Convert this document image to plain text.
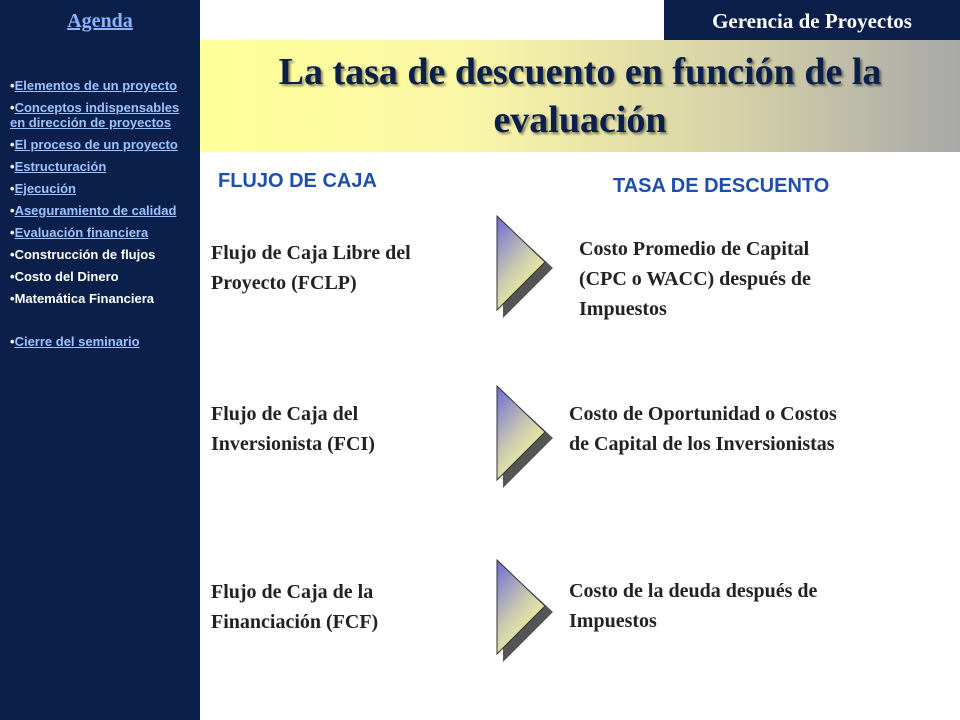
Agenda
•Elementos de un proyecto
•Conceptos indispensables en dirección de proyectos
•El proceso de un proyecto
•Estructuración
•Ejecución
•Aseguramiento de calidad
•Evaluación financiera
•Construcción de flujos
•Costo del Dinero
•Matemática Financiera
•Cierre del seminario
Gerencia de Proyectos
La tasa de descuento en función de la
evaluación
FLUJO DE CAJA	TASA DE DESCUENTO
Flujo de Caja Libre del
Proyecto (FCLP)
Costo Promedio de Capital
(CPC o WACC) después de
Impuestos
Flujo de Caja del
Inversionista (FCI)
Costo de Oportunidad o Costos
de Capital de los Inversionistas
Flujo de Caja de la
Financiación (FCF)
Costo de la deuda después de
Impuestos
